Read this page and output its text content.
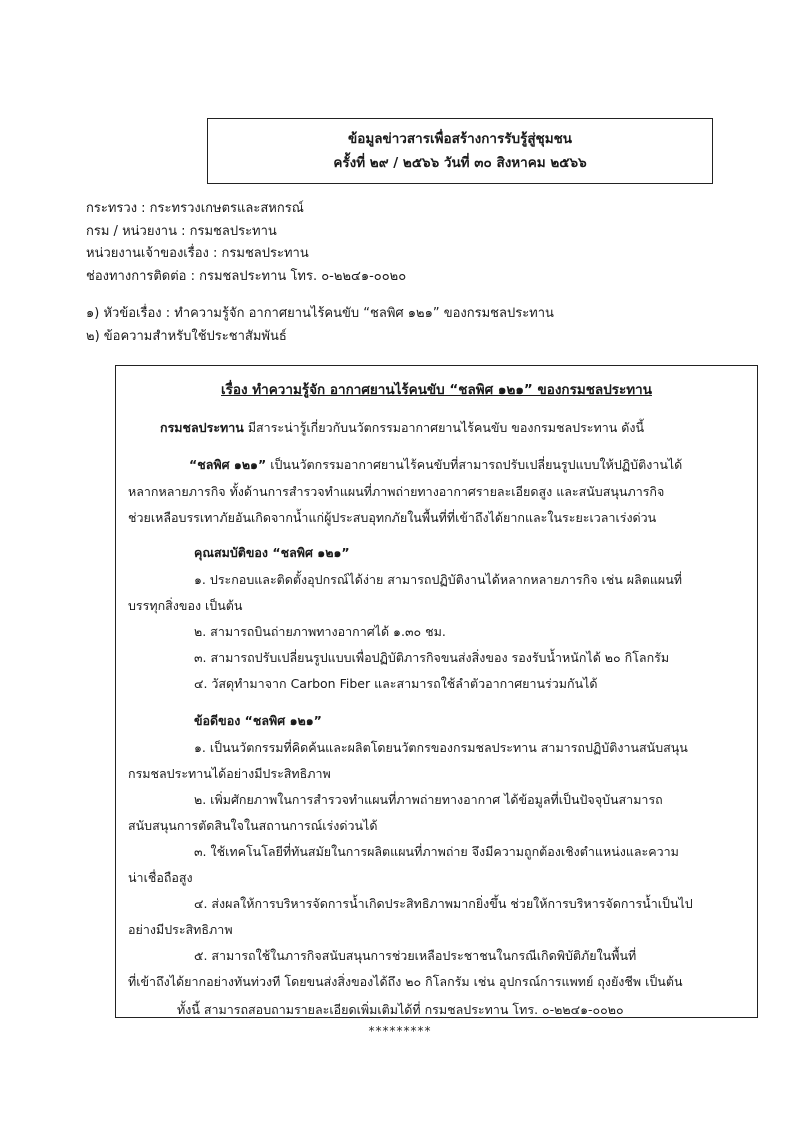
ข้อมูลข่าวสารเพื่อสร้างการรับรู้สู่ชุมชน
ครั้งที่ ๒๙ / ๒๕๖๖ วันที่ ๓๐ สิงหาคม ๒๕๖๖
กระทรวง : กระทรวงเกษตรและสหกรณ์
กรม / หน่วยงาน : กรมชลประทาน
หน่วยงานเจ้าของเรื่อง : กรมชลประทาน
ช่องทางการติดต่อ : กรมชลประทาน โทร. ๐-๒๒๔๑-๐๐๒๐
๑) หัวข้อเรื่อง : ทำความรู้จัก อากาศยานไร้คนขับ “ชลพิศ ๑๒๑” ของกรมชลประทาน
๒) ข้อความสำหรับใช้ประชาสัมพันธ์
เรื่อง ทำความรู้จัก อากาศยานไร้คนขับ “ชลพิศ ๑๒๑” ของกรมชลประทาน
กรมชลประทาน มีสาระน่ารู้เกี่ยวกับนวัตกรรมอากาศยานไร้คนขับ ของกรมชลประทาน ดังนี้
“ชลพิศ ๑๒๑” เป็นนวัตกรรมอากาศยานไร้คนขับที่สามารถปรับเปลี่ยนรูปแบบให้ปฏิบัติงานได้
หลากหลายภารกิจ ทั้งด้านการสำรวจทำแผนที่ภาพถ่ายทางอากาศรายละเอียดสูง และสนับสนุนภารกิจ
ช่วยเหลือบรรเทาภัยอันเกิดจากน้ำแก่ผู้ประสบอุทกภัยในพื้นที่ที่เข้าถึงได้ยากและในระยะเวลาเร่งด่วน
คุณสมบัติของ “ชลพิศ ๑๒๑”
๑. ประกอบและติดตั้งอุปกรณ์ได้ง่าย สามารถปฏิบัติงานได้หลากหลายภารกิจ เช่น ผลิตแผนที่
บรรทุกสิ่งของ เป็นต้น
๒. สามารถบินถ่ายภาพทางอากาศได้ ๑.๓๐ ชม.
๓. สามารถปรับเปลี่ยนรูปแบบเพื่อปฏิบัติภารกิจขนส่งสิ่งของ รองรับน้ำหนักได้ ๒๐ กิโลกรัม
๔. วัสดุทำมาจาก Carbon Fiber และสามารถใช้ลำตัวอากาศยานร่วมกันได้
ข้อดีของ “ชลพิศ ๑๒๑”
๑. เป็นนวัตกรรมที่คิดค้นและผลิตโดยนวัตกรของกรมชลประทาน สามารถปฏิบัติงานสนับสนุน
กรมชลประทานได้อย่างมีประสิทธิภาพ
๒. เพิ่มศักยภาพในการสำรวจทำแผนที่ภาพถ่ายทางอากาศ ได้ข้อมูลที่เป็นปัจจุบันสามารถ
สนับสนุนการตัดสินใจในสถานการณ์เร่งด่วนได้
๓. ใช้เทคโนโลยีที่ทันสมัยในการผลิตแผนที่ภาพถ่าย จึงมีความถูกต้องเชิงตำแหน่งและความ
น่าเชื่อถือสูง
๔. ส่งผลให้การบริหารจัดการน้ำเกิดประสิทธิภาพมากยิ่งขึ้น ช่วยให้การบริหารจัดการน้ำเป็นไป
อย่างมีประสิทธิภาพ
๕. สามารถใช้ในภารกิจสนับสนุนการช่วยเหลือประชาชนในกรณีเกิดพิบัติภัยในพื้นที่
ที่เข้าถึงได้ยากอย่างทันท่วงที โดยขนส่งสิ่งของได้ถึง ๒๐ กิโลกรัม เช่น อุปกรณ์การแพทย์ ถุงยังชีพ เป็นต้น
ทั้งนี้ สามารถสอบถามรายละเอียดเพิ่มเติมได้ที่ กรมชลประทาน โทร. ๐-๒๒๔๑-๐๐๒๐
*********
